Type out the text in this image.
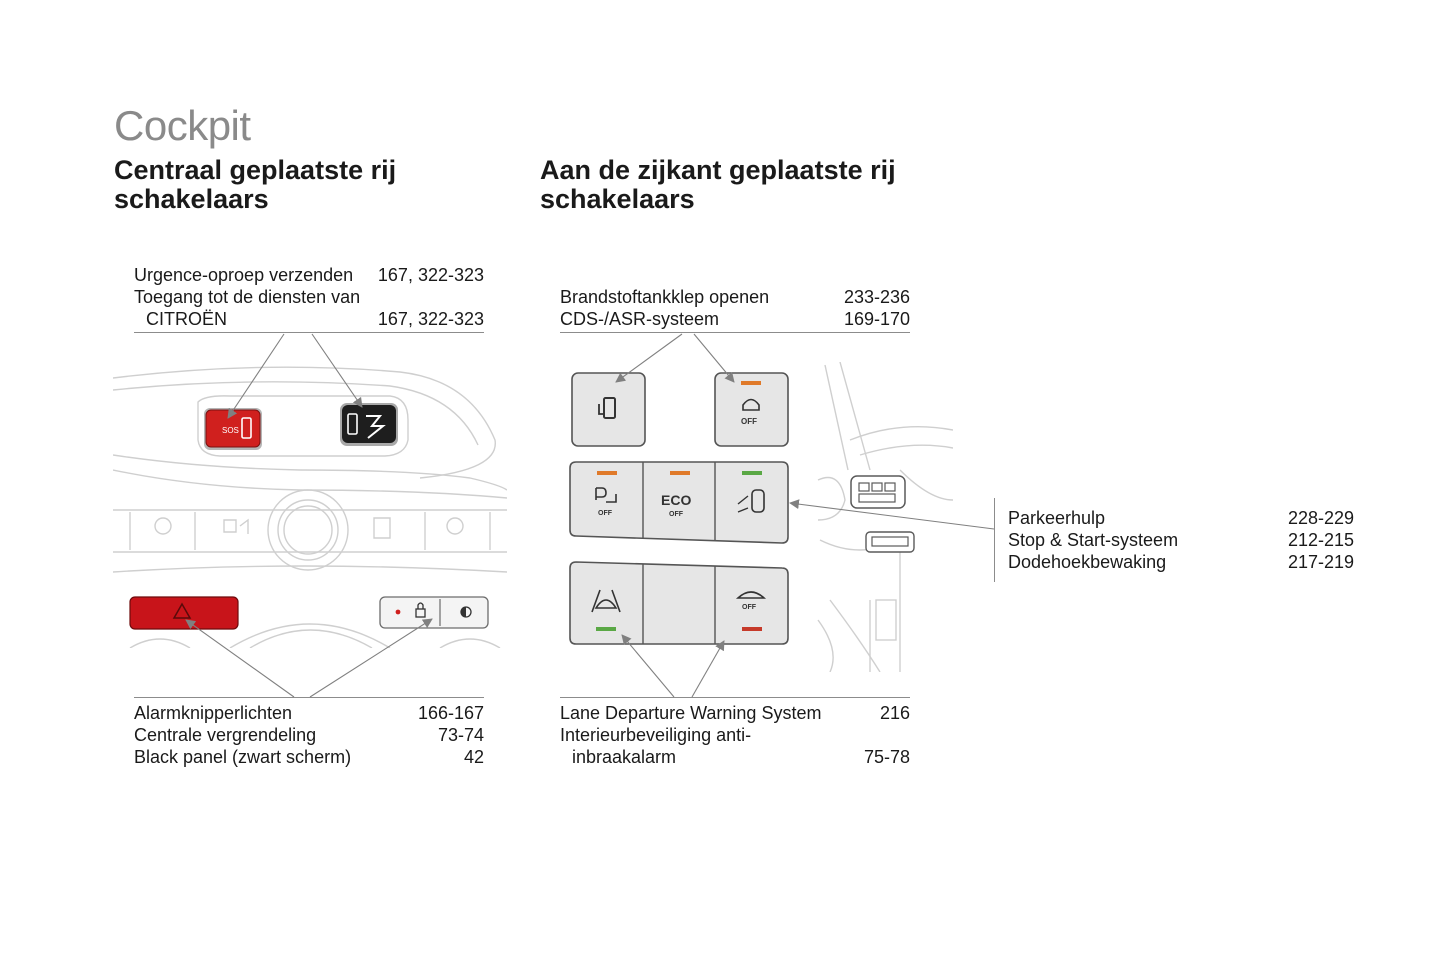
Cockpit
Centraal geplaatste rij schakelaars
Aan de zijkant geplaatste rij schakelaars
Urgence-oproep verzenden 167, 322-323
Toegang tot de diensten van
CITROËN	167, 322-323
Alarmknipperlichten	166-167
Centrale vergrendeling	73-74
Black panel (zwart scherm)	42
Brandstoftankklep openen	233-236
CDS-/ASR-systeem	169-170
Lane Departure Warning System	216
Interieurbeveiliging anti-
inbraakalarm	75-78
Parkeerhulp	228-229
Stop & Start-systeem	212-215
Dodehoekbewaking	217-219
SOS
OFF
OFF
ECO
OFF
OFF
